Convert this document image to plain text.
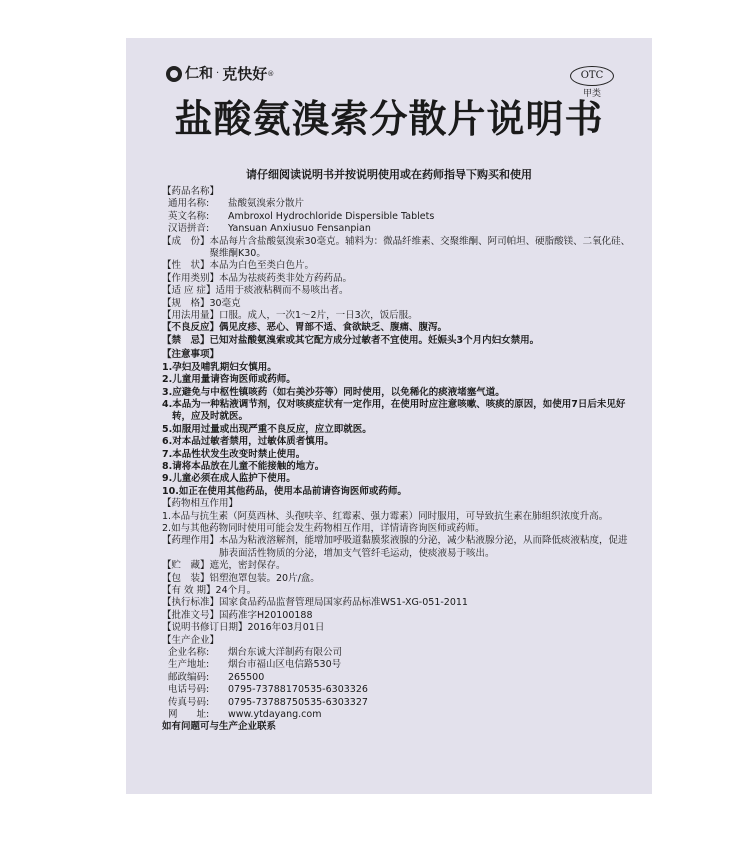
仁和 · 克快好 ®	OTC
甲类
盐酸氨溴索分散片说明书
请仔细阅读说明书并按说明使用或在药师指导下购买和使用
【药品名称】
通用名称: 盐酸氨溴索分散片
英文名称: Ambroxol Hydrochloride Dispersible Tablets
汉语拼音: Yansuan Anxiusuo Fensanpian
【成　份】 本品每片含盐酸氨溴索30毫克。辅料为：微晶纤维素、交聚维酮、阿司帕坦、硬脂酸镁、二氧化硅、聚维酮K30。
【性　状】 本品为白色至类白色片。
【作用类别】 本品为祛痰药类非处方药药品。
【适 应 症】 适用于痰液粘稠而不易咳出者。
【规　格】 30毫克
【用法用量】 口服。成人，一次1～2片，一日3次，饭后服。
【不良反应】 偶见皮疹、恶心、胃部不适、食欲缺乏、腹痛、腹泻。
【禁　忌】 已知对盐酸氨溴索或其它配方成分过敏者不宜使用。妊娠头3个月内妇女禁用。
【注意事项】
1.孕妇及哺乳期妇女慎用。
2.儿童用量请咨询医师或药师。
3.应避免与中枢性镇咳药（如右美沙芬等）同时使用，以免稀化的痰液堵塞气道。
4.本品为一种粘液调节剂，仅对咳痰症状有一定作用，在使用时应注意咳嗽、咳痰的原因，如使用7日后未见好转，应及时就医。
5.如服用过量或出现严重不良反应，应立即就医。
6.对本品过敏者禁用，过敏体质者慎用。
7.本品性状发生改变时禁止使用。
8.请将本品放在儿童不能接触的地方。
9.儿童必须在成人监护下使用。
10.如正在使用其他药品，使用本品前请咨询医师或药师。
【药物相互作用】
1.本品与抗生素（阿莫西林、头孢呋辛、红霉素、强力霉素）同时服用，可导致抗生素在肺组织浓度升高。
2.如与其他药物同时使用可能会发生药物相互作用，详情请咨询医师或药师。
【药理作用】 本品为粘液溶解剂，能增加呼吸道黏膜浆液腺的分泌，减少粘液腺分泌，从而降低痰液粘度，促进肺表面活性物质的分泌，增加支气管纤毛运动，使痰液易于咳出。
【贮　藏】 遮光，密封保存。
【包　装】 铝塑泡罩包装。20片/盒。
【有 效 期】 24个月。
【执行标准】 国家食品药品监督管理局国家药品标准WS1-XG-051-2011
【批准文号】 国药准字H20100188
【说明书修订日期】 2016年03月01日
【生产企业】
企业名称: 烟台东诚大洋制药有限公司
生产地址: 烟台市福山区电信路530号
邮政编码: 265500
电话号码: 0795-73788170535-6303326
传真号码: 0795-73788750535-6303327
网　　址: www.ytdayang.com
如有问题可与生产企业联系
